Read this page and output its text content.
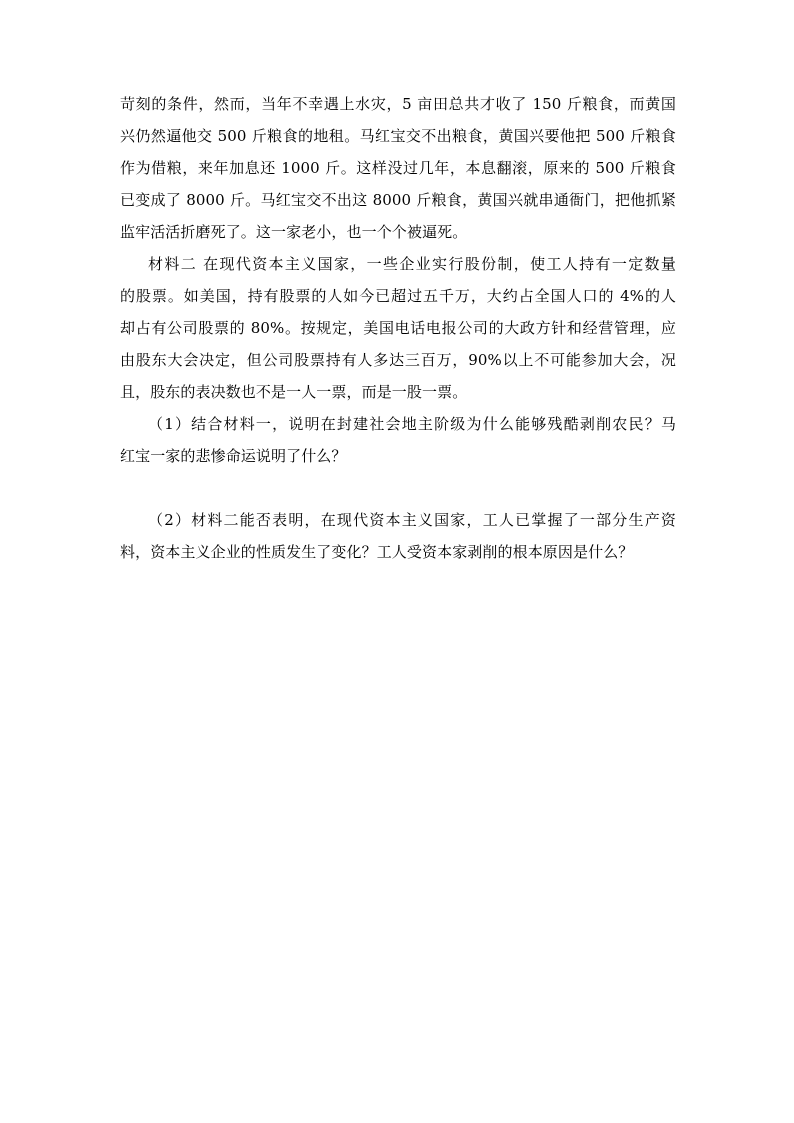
苛刻的条件，然而，当年不幸遇上水灾，5 亩田总共才收了 150 斤粮食，而黄国
兴仍然逼他交 500 斤粮食的地租。马红宝交不出粮食，黄国兴要他把 500 斤粮食
作为借粮，来年加息还 1000 斤。这样没过几年，本息翻滚，原来的 500 斤粮食
已变成了 8000 斤。马红宝交不出这 8000 斤粮食，黄国兴就串通衙门，把他抓紧
监牢活活折磨死了。这一家老小，也一个个被逼死。
材料二 在现代资本主义国家，一些企业实行股份制，使工人持有一定数量
的股票。如美国，持有股票的人如今已超过五千万，大约占全国人口的 4%的人
却占有公司股票的 80%。按规定，美国电话电报公司的大政方针和经营管理，应
由股东大会决定，但公司股票持有人多达三百万，90%以上不可能参加大会，况
且，股东的表决数也不是一人一票，而是一股一票。
（1）结合材料一，说明在封建社会地主阶级为什么能够残酷剥削农民？马
红宝一家的悲惨命运说明了什么？
（2）材料二能否表明，在现代资本主义国家，工人已掌握了一部分生产资
料，资本主义企业的性质发生了变化？工人受资本家剥削的根本原因是什么？
